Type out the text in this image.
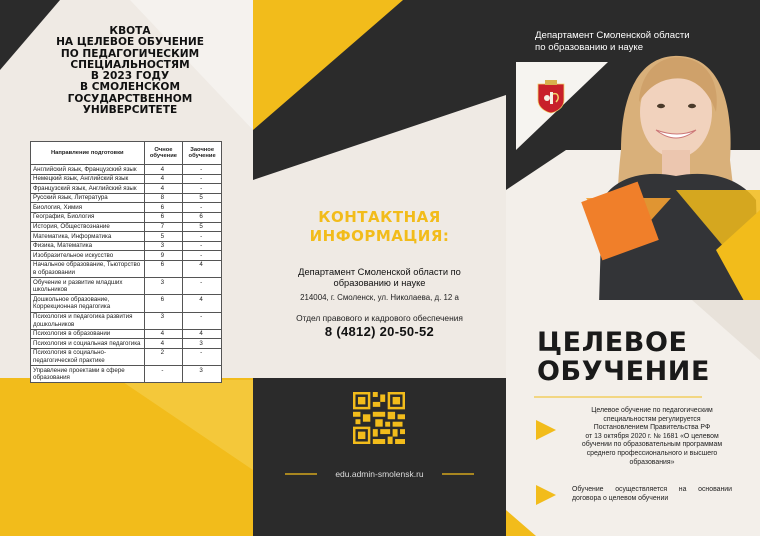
КВОТА
НА ЦЕЛЕВОЕ ОБУЧЕНИЕ
ПО ПЕДАГОГИЧЕСКИМ
СПЕЦИАЛЬНОСТЯМ
В 2023 ГОДУ
В СМОЛЕНСКОМ
ГОСУДАРСТВЕННОМ
УНИВЕРСИТЕТЕ
Направление подготовки	Очное обучение	Заочное обучение
Английский язык, Французский язык	4	-
Немецкий язык, Английский язык	4	-
Французский язык, Английский язык	4	-
Русский язык, Литература	8	5
Биология, Химия	6	-
География, Биология	6	6
История, Обществознание	7	5
Математика, Информатика	5	-
Физика, Математика	3	-
Изобразительное искусство	9	-
Начальное образование, Тьюторство в образовании	6	4
Обучение и развитие младших школьников	3	-
Дошкольное образование, Коррекционная педагогика	6	4
Психология и педагогика развития дошкольников	3	-
Психология в образовании	4	4
Психология и социальная педагогика	4	3
Психология в социально-педагогической практике	2	-
Управление проектами в сфере образования	-	3
КОНТАКТНАЯ
ИНФОРМАЦИЯ:
Департамент Смоленской области по
образованию и науке
214004, г. Смоленск, ул. Николаева, д. 12 а
Отдел правового и кадрового обеспечения
8 (4812) 20-50-52
edu.admin-smolensk.ru
Департамент Смоленской области
по образованию и науке
ЦЕЛЕВОЕ
ОБУЧЕНИЕ
Целевое обучение по педагогическим
специальностям регулируется
Постановлением Правительства РФ
от 13 октября 2020 г. № 1681 «О целевом
обучении по образовательным программам
среднего профессионального и высшего
образования»
Обучение осуществляется на основании договора о целевом обучении
